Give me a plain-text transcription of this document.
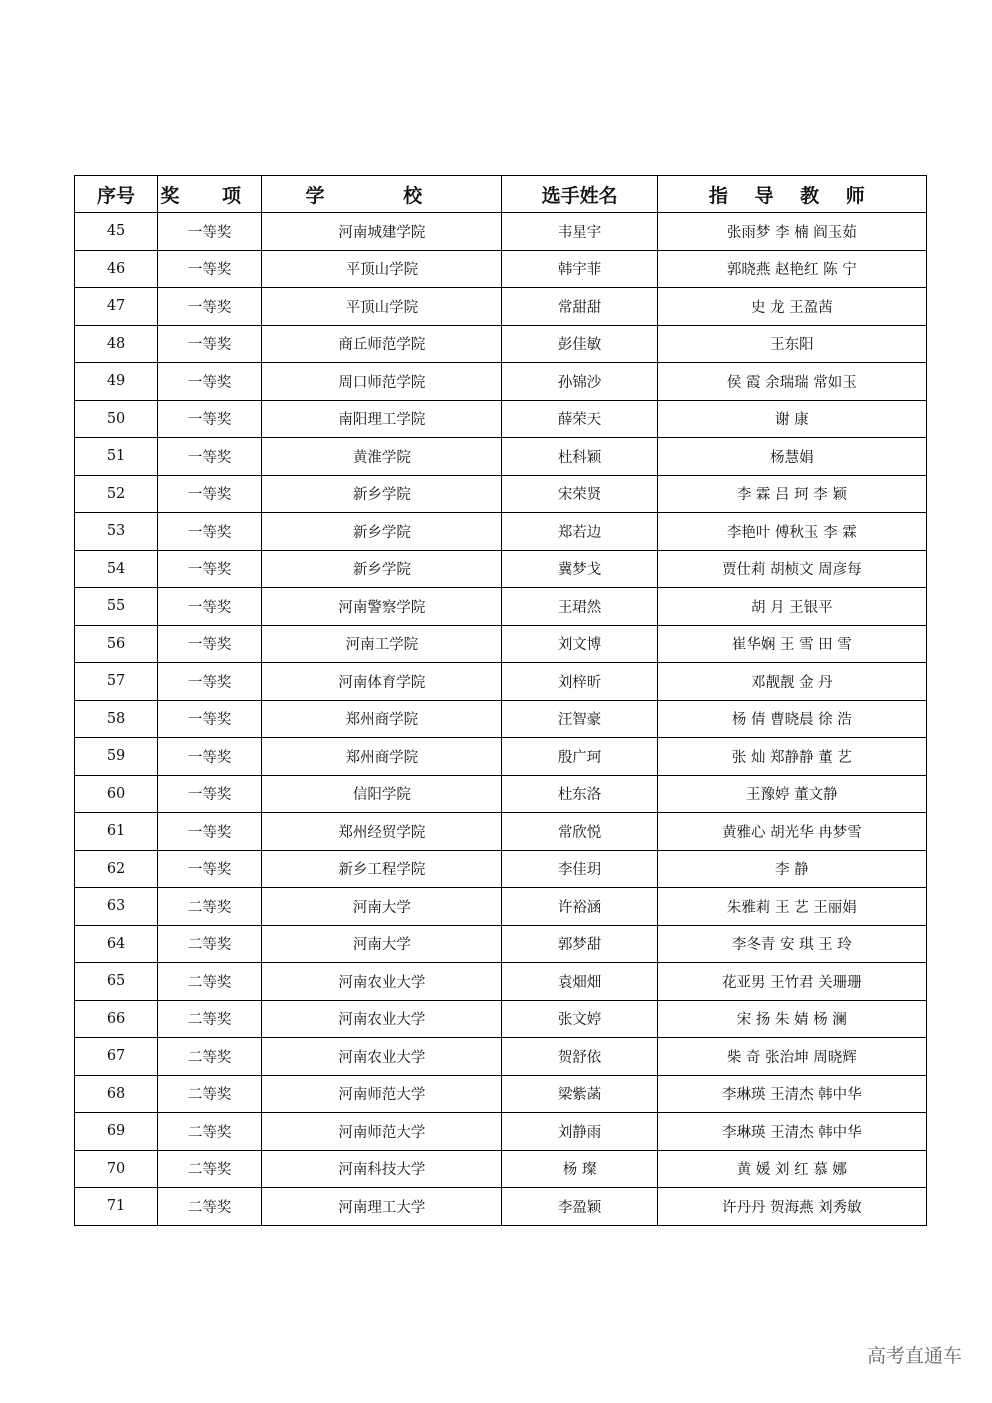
序号	奖 项	学 校	选手姓名	指 导 教 师
45	一等奖	河南城建学院	韦星宇	张雨梦 李 楠 阎玉茹
46	一等奖	平顶山学院	韩宇菲	郭晓燕 赵艳红 陈 宁
47	一等奖	平顶山学院	常甜甜	史 龙 王盈茜
48	一等奖	商丘师范学院	彭佳敏	王东阳
49	一等奖	周口师范学院	孙锦沙	侯 霞 余瑞瑞 常如玉
50	一等奖	南阳理工学院	薛荣天	谢 康
51	一等奖	黄淮学院	杜科颖	杨慧娟
52	一等奖	新乡学院	宋荣贤	李 霖 吕 珂 李 颖
53	一等奖	新乡学院	郑若边	李艳叶 傅秋玉 李 霖
54	一等奖	新乡学院	冀梦戈	贾仕莉 胡桢文 周彦每
55	一等奖	河南警察学院	王珺然	胡 月 王银平
56	一等奖	河南工学院	刘文博	崔华娴 王 雪 田 雪
57	一等奖	河南体育学院	刘梓昕	邓靓靓 金 丹
58	一等奖	郑州商学院	汪智豪	杨 倩 曹晓晨 徐 浩
59	一等奖	郑州商学院	殷广珂	张 灿 郑静静 董 艺
60	一等奖	信阳学院	杜东洛	王豫婷 董文静
61	一等奖	郑州经贸学院	常欣悦	黄雅心 胡光华 冉梦雪
62	一等奖	新乡工程学院	李佳玥	李 静
63	二等奖	河南大学	许裕涵	朱雅莉 王 艺 王丽娟
64	二等奖	河南大学	郭梦甜	李冬青 安 琪 王 玲
65	二等奖	河南农业大学	袁畑畑	花亚男 王竹君 关珊珊
66	二等奖	河南农业大学	张文婷	宋 扬 朱 婧 杨 澜
67	二等奖	河南农业大学	贺舒依	柴 奇 张治坤 周晓辉
68	二等奖	河南师范大学	梁紫菡	李琳瑛 王清杰 韩中华
69	二等奖	河南师范大学	刘静雨	李琳瑛 王清杰 韩中华
70	二等奖	河南科技大学	杨 璨	黄 媛 刘 红 慕 娜
71	二等奖	河南理工大学	李盈颖	许丹丹 贺海燕 刘秀敏
高考直通车
